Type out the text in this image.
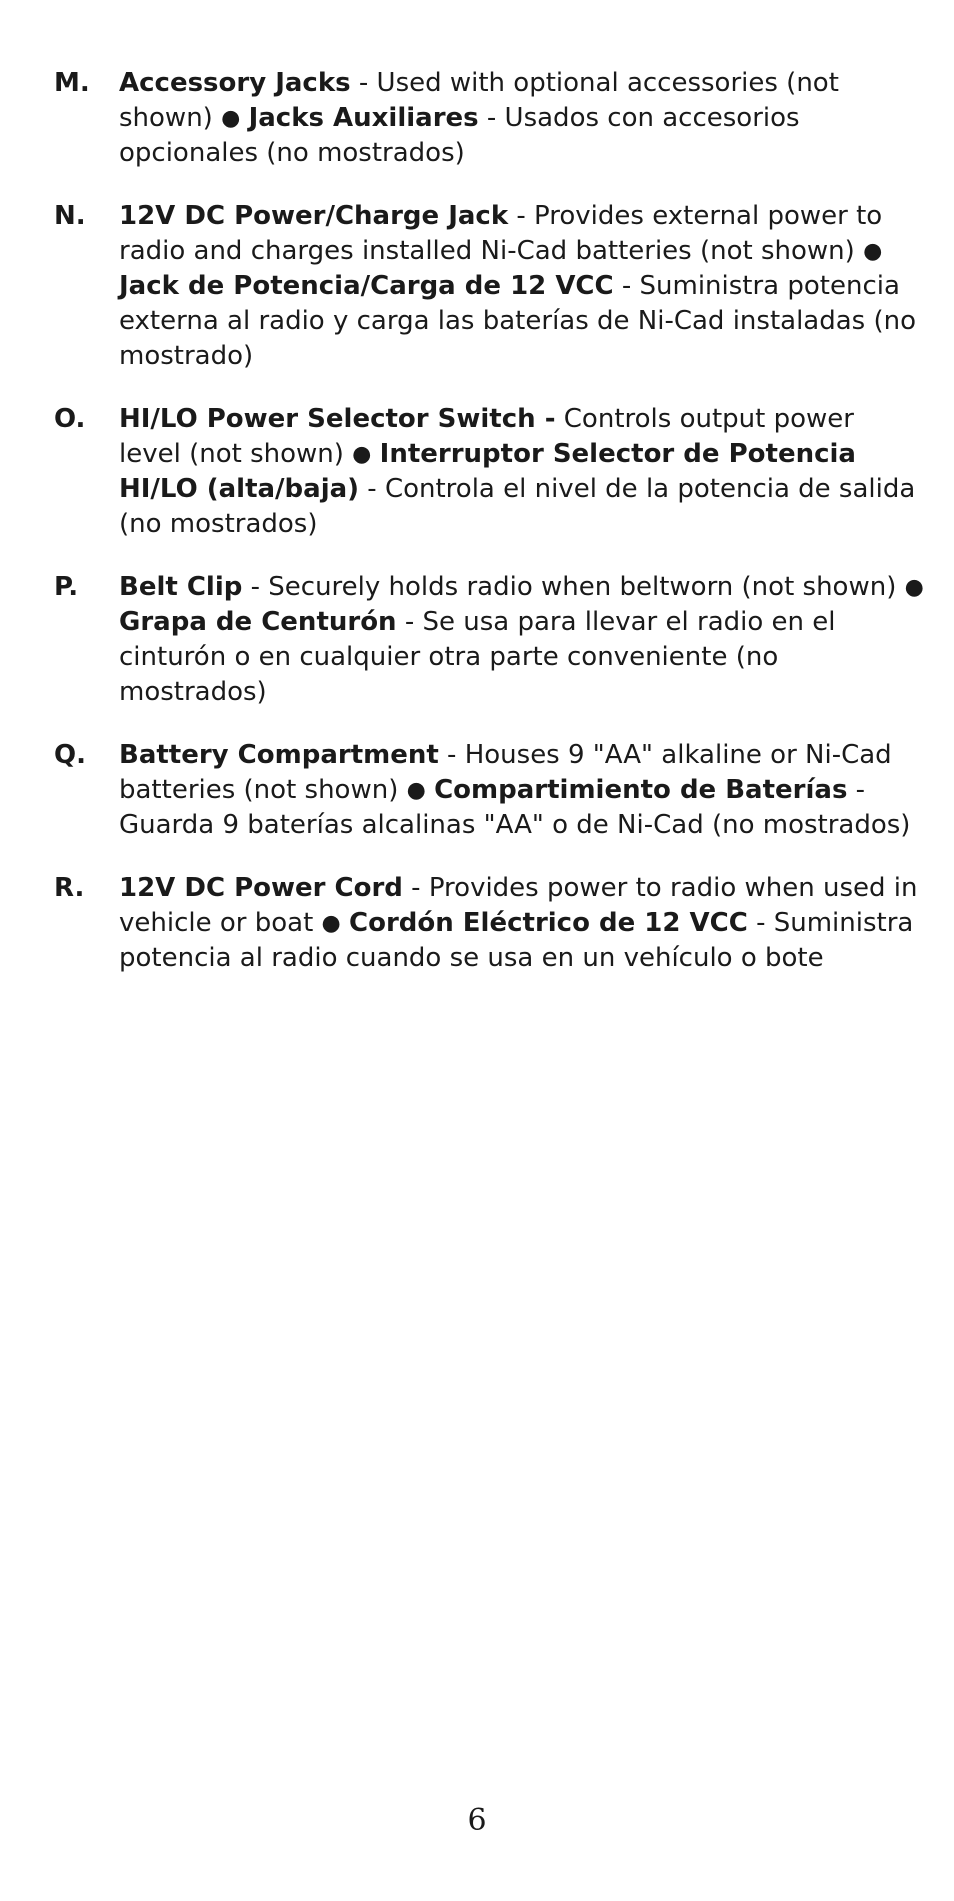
M.	Accessory Jacks - Used with optional accessories (not shown) ● Jacks Auxiliares - Usados con accesorios opcionales (no mostrados)
N.	12V DC Power/Charge Jack - Provides external power to radio and charges installed Ni-Cad batteries (not shown) ● Jack de Potencia/Carga de 12 VCC - Suministra potencia externa al radio y carga las baterías de Ni-Cad instaladas (no mostrado)
O.	HI/LO Power Selector Switch - Controls output power level (not shown) ● Interruptor Selector de Potencia HI/LO (alta/baja) - Controla el nivel de la potencia de salida (no mostrados)
P.	Belt Clip - Securely holds radio when beltworn (not shown) ● Grapa de Centurón - Se usa para llevar el radio en el cinturón o en cualquier otra parte conveniente (no mostrados)
Q.	Battery Compartment - Houses 9 "AA" alkaline or Ni-Cad batteries (not shown) ● Compartimiento de Baterías - Guarda 9 baterías alcalinas "AA" o de Ni-Cad (no mostrados)
R.	12V DC Power Cord - Provides power to radio when used in vehicle or boat ● Cordón Eléctrico de 12 VCC - Suministra potencia al radio cuando se usa en un vehículo o bote
6
